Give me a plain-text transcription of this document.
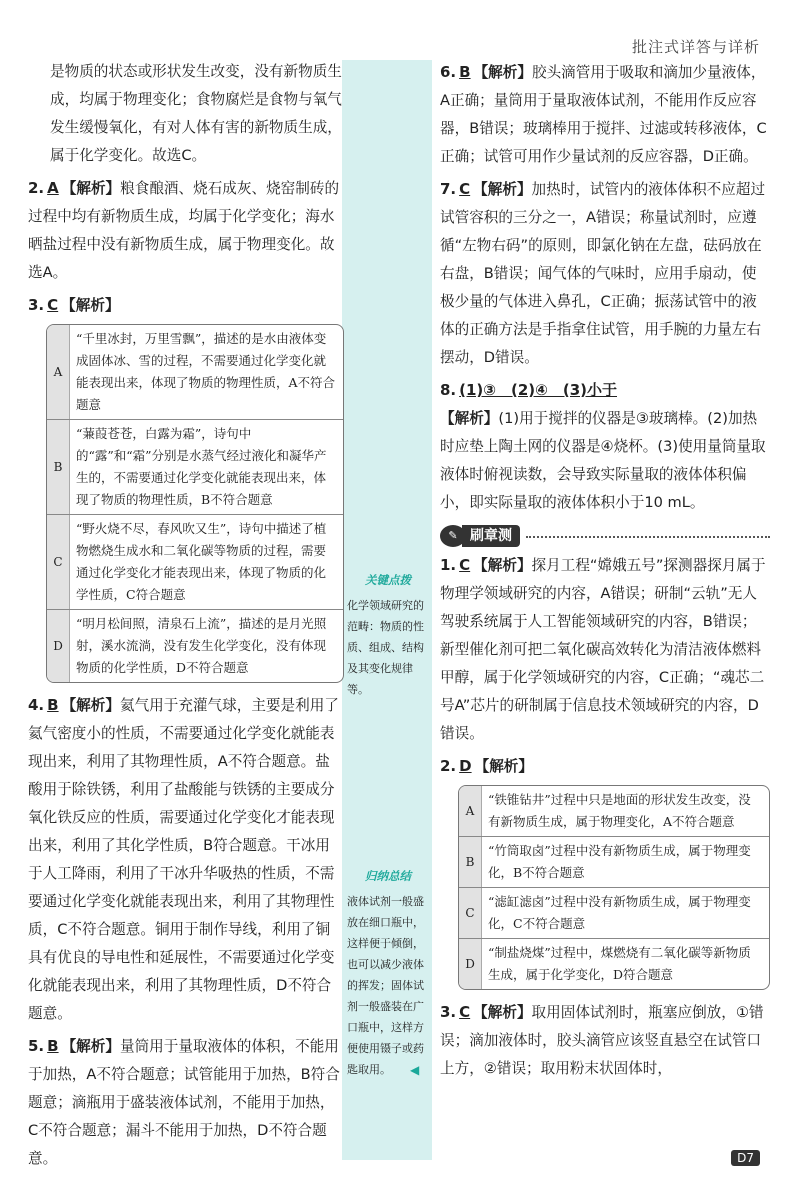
批注式详答与详析
关键点拨
化学领域研究的范畴：物质的性质、组成、结构及其变化规律等。
归纳总结
液体试剂一般盛放在细口瓶中，这样便于倾倒，也可以减少液体的挥发；固体试剂一般盛装在广口瓶中，这样方便使用镊子或药匙取用。	◀

是物质的状态或形状发生改变，没有新物质生成，均属于物理变化；食物腐烂是食物与氧气发生缓慢氧化，有对人体有害的新物质生成，属于化学变化。故选C。

2. A 【解析】粮食酿酒、烧石成灰、烧窑制砖的过程中均有新物质生成，均属于化学变化；海水晒盐过程中没有新物质生成，属于物理变化。故选A。
3. C 【解析】
A
“千里冰封，万里雪飘”，描述的是水由液体变成固体冰、雪的过程，不需要通过化学变化就能表现出来，体现了物质的物理性质，A不符合题意
B
“蒹葭苍苍，白露为霜”，诗句中的“露”和“霜”分别是水蒸气经过液化和凝华产生的，不需要通过化学变化就能表现出来，体现了物质的物理性质，B不符合题意
C
“野火烧不尽，春风吹又生”，诗句中描述了植物燃烧生成水和二氧化碳等物质的过程，需要通过化学变化才能表现出来，体现了物质的化学性质，C符合题意
D
“明月松间照，清泉石上流”，描述的是月光照射，溪水流淌，没有发生化学变化，没有体现物质的化学性质，D不符合题意
4. B 【解析】氦气用于充灌气球，主要是利用了氦气密度小的性质，不需要通过化学变化就能表现出来，利用了其物理性质，A不符合题意。盐酸用于除铁锈，利用了盐酸能与铁锈的主要成分氧化铁反应的性质，需要通过化学变化才能表现出来，利用了其化学性质，B符合题意。干冰用于人工降雨，利用了干冰升华吸热的性质，不需要通过化学变化就能表现出来，利用了其物理性质，C不符合题意。铜用于制作导线，利用了铜具有优良的导电性和延展性，不需要通过化学变化就能表现出来，利用了其物理性质，D不符合题意。
5. B 【解析】量筒用于量取液体的体积，不能用于加热，A不符合题意；试管能用于加热，B符合题意；滴瓶用于盛装液体试剂，不能用于加热，C不符合题意；漏斗不能用于加热，D不符合题意。
6. B 【解析】胶头滴管用于吸取和滴加少量液体，A正确；量筒用于量取液体试剂，不能用作反应容器，B错误；玻璃棒用于搅拌、过滤或转移液体，C正确；试管可用作少量试剂的反应容器，D正确。
7. C 【解析】加热时，试管内的液体体积不应超过试管容积的三分之一，A错误；称量试剂时，应遵循“左物右码”的原则，即氯化钠在左盘，砝码放在右盘，B错误；闻气体的气味时，应用手扇动，使极少量的气体进入鼻孔，C正确；振荡试管中的液体的正确方法是手指拿住试管，用手腕的力量左右摆动，D错误。
8. (1)③　(2)④　(3)小于
【解析】(1)用于搅拌的仪器是③玻璃棒。(2)加热时应垫上陶土网的仪器是④烧杯。(3)使用量筒量取液体时俯视读数，会导致实际量取的液体体积偏小，即实际量取的液体体积小于10 mL。
✎ 刷章测
1. C 【解析】探月工程“嫦娥五号”探测器探月属于物理学领域研究的内容，A错误；研制“云轨”无人驾驶系统属于人工智能领域研究的内容，B错误；新型催化剂可把二氧化碳高效转化为清洁液体燃料甲醇，属于化学领域研究的内容，C正确；“魂芯二号A”芯片的研制属于信息技术领域研究的内容，D错误。
2. D 【解析】
A
“铁锥钻井”过程中只是地面的形状发生改变，没有新物质生成，属于物理变化，A不符合题意
B
“竹筒取卤”过程中没有新物质生成，属于物理变化，B不符合题意
C
“滤缸滤卤”过程中没有新物质生成，属于物理变化，C不符合题意
D
“制盐烧煤”过程中，煤燃烧有二氧化碳等新物质生成，属于化学变化，D符合题意
3. C 【解析】取用固体试剂时，瓶塞应倒放，①错误；滴加液体时，胶头滴管应该竖直悬空在试管口上方，②错误；取用粉末状固体时，
D7
